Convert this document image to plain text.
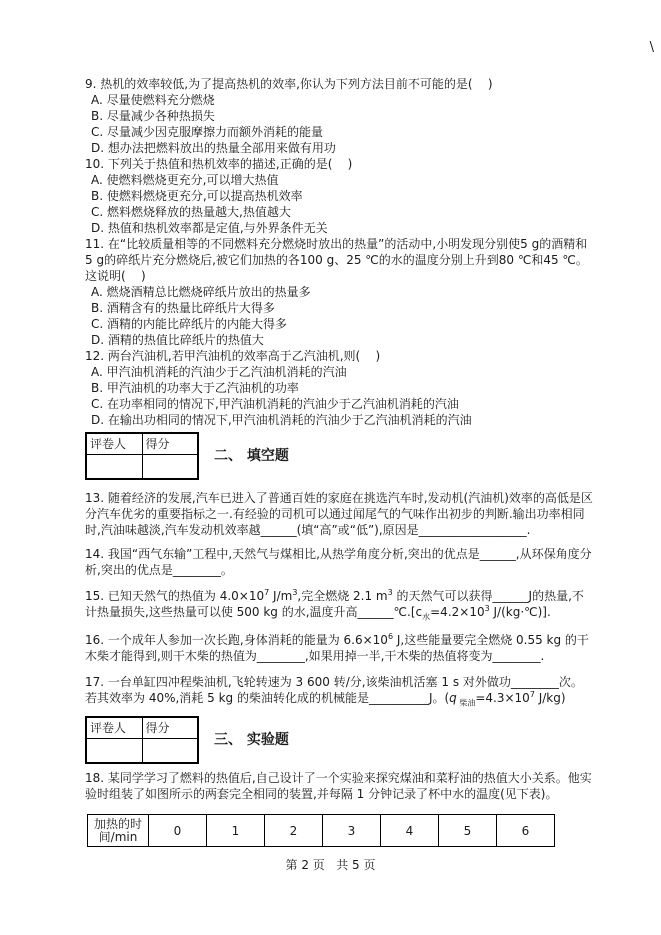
\
9. 热机的效率较低,为了提高热机的效率,你认为下列方法目前不可能的是(    )
A. 尽量使燃料充分燃烧
B. 尽量减少各种热损失
C. 尽量减少因克服摩擦力而额外消耗的能量
D. 想办法把燃料放出的热量全部用来做有用功
10. 下列关于热值和热机效率的描述,正确的是(    )
A. 使燃料燃烧更充分,可以增大热值
B. 使燃料燃烧更充分,可以提高热机效率
C. 燃料燃烧释放的热量越大,热值越大
D. 热值和热机效率都是定值,与外界条件无关
11. 在“比较质量相等的不同燃料充分燃烧时放出的热量”的活动中,小明发现分别使5 g的酒精和5 g的碎纸片充分燃烧后,被它们加热的各100 g、25 ℃的水的温度分别上升到80 ℃和45 ℃。这说明(    )
A. 燃烧酒精总比燃烧碎纸片放出的热量多
B. 酒精含有的热量比碎纸片大得多
C. 酒精的内能比碎纸片的内能大得多
D. 酒精的热值比碎纸片的热值大
12. 两台汽油机,若甲汽油机的效率高于乙汽油机,则(    )
A. 甲汽油机消耗的汽油少于乙汽油机消耗的汽油
B. 甲汽油机的功率大于乙汽油机的功率
C. 在功率相同的情况下,甲汽油机消耗的汽油少于乙汽油机消耗的汽油
D. 在输出功相同的情况下,甲汽油机消耗的汽油少于乙汽油机消耗的汽油
评卷人	得分

二、 填空题
13. 随着经济的发展,汽车已进入了普通百姓的家庭在挑选汽车时,发动机(汽油机)效率的高低是区分汽车优劣的重要指标之一.有经验的司机可以通过闻尾气的气味作出初步的判断.输出功率相同时,汽油味越淡,汽车发动机效率越______(填“高”或“低”),原因是__________________.
14. 我国“西气东输”工程中,天然气与煤相比,从热学角度分析,突出的优点是______,从环保角度分析,突出的优点是________。
15. 已知天然气的热值为 $4.0\times 10^7$ $J/m^3$,完全燃烧 2.1 $m^3$ 的天然气可以获得______J的热量,不计热量损失,这些热量可以使 500 kg 的水,温度升高$\_\_\_\_\_\_℃.[c_水=4.2\times 10^3$ J/(kg·℃)].
16. 一个成年人参加一次长跑,身体消耗的能量为 $6.6\times 10^6$ J,这些能量要完全燃烧 0.55 kg 的干木柴才能得到,则干木柴的热值为________,如果用掉一半,干木柴的热值将变为________.
17. 一台单缸四冲程柴油机,飞轮转速为 3 600 转/分,该柴油机活塞 1 s 对外做功________次。若其效率为 40%,消耗 5 kg 的柴油转化成的机械能是__________J。(q $_{柴油}=4.3\times 10^7$ J/kg)
评卷人	得分

三、 实验题
18. 某同学学习了燃料的热值后,自己设计了一个实验来探究煤油和菜籽油的热值大小关系。他实验时组装了如图所示的两套完全相同的装置,并每隔 1 分钟记录了杯中水的温度(见下表)。
加热的时间/min	0	1	2	3	4	5	6
第 2 页   共 5 页
